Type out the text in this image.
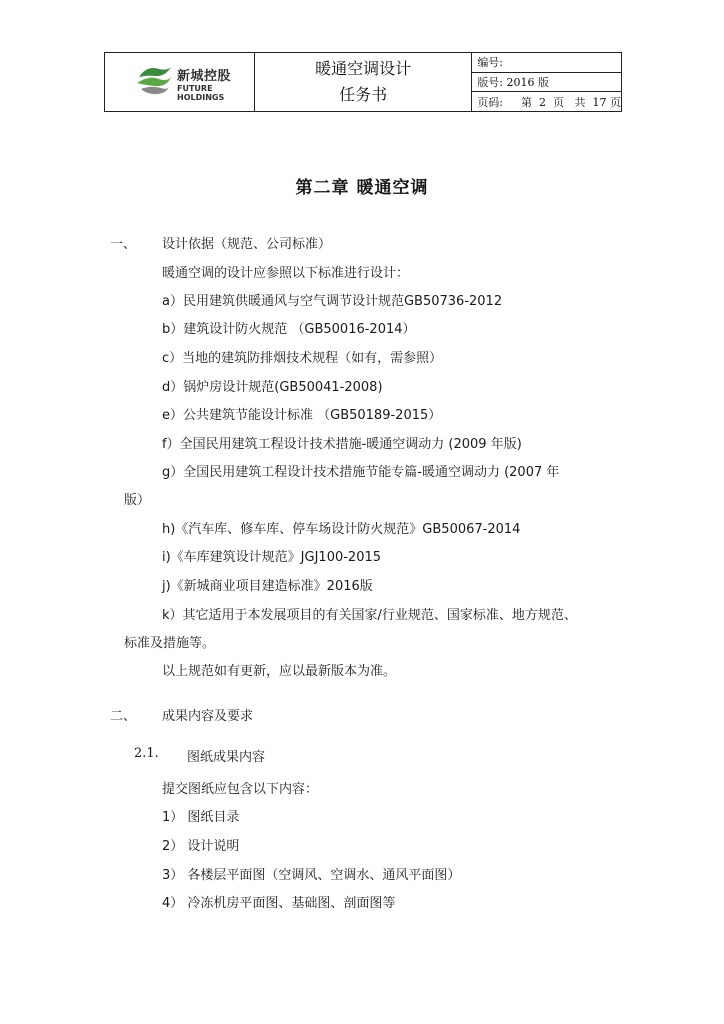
新城控股
FUTURE
HOLDINGS
暖通空调设计
任务书
编号:
版号: 2016 版
页码: 第  2  页   共  17 页
第二章 暖通空调
一、 设计依据（规范、公司标准）
暖通空调的设计应参照以下标准进行设计：
a）民用建筑供暖通风与空气调节设计规范GB50736-2012
b）建筑设计防火规范 （GB50016-2014）
c）当地的建筑防排烟技术规程（如有，需参照）
d）锅炉房设计规范(GB50041-2008)
e）公共建筑节能设计标准 （GB50189-2015）
f）全国民用建筑工程设计技术措施-暖通空调动力 (2009 年版)
g）全国民用建筑工程设计技术措施节能专篇-暖通空调动力 (2007 年
版）
h)《汽车库、修车库、停车场设计防火规范》GB50067-2014
i)《车库建筑设计规范》JGJ100-2015
j)《新城商业项目建造标准》2016版
k）其它适用于本发展项目的有关国家/行业规范、国家标准、地方规范、
标准及措施等。
以上规范如有更新，应以最新版本为准。
二、 成果内容及要求
2.1. 图纸成果内容
提交图纸应包含以下内容：
1） 图纸目录
2） 设计说明
3） 各楼层平面图（空调风、空调水、通风平面图）
4） 冷冻机房平面图、基础图、剖面图等
